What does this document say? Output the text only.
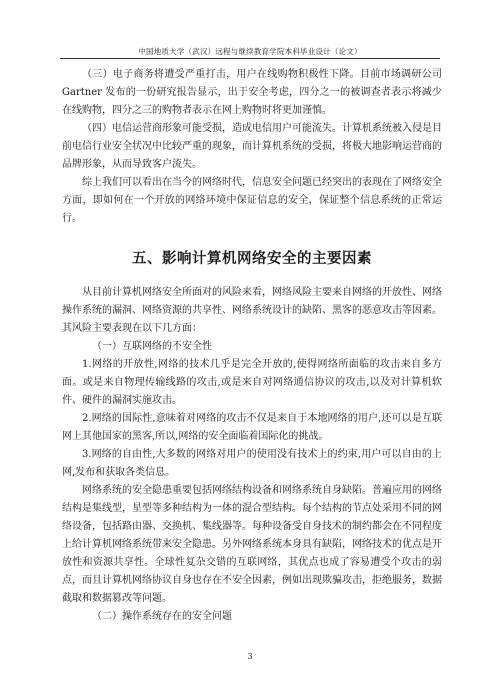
中国地质大学（武汉）远程与继续教育学院本科毕业设计（论文）

（三）电子商务将遭受严重打击，用户在线购物积极性下降。目前市场调研公司 Gartner 发布的一份研究报告显示，出于安全考虑，四分之一的被调查者表示将减少在线购物，四分之三的购物者表示在网上购物时将更加谨慎。

（四）电信运营商形象可能受损，造成电信用户可能流失。计算机系统被入侵是目前电信行业安全状况中比较严重的现象，而计算机系统的受损，将极大地影响运营商的品牌形象，从而导致客户流失。

综上我们可以看出在当今的网络时代，信息安全问题已经突出的表现在了网络安全方面，即如何在一个开放的网络环境中保证信息的安全，保证整个信息系统的正常运行。

五、影响计算机网络安全的主要因素

从目前计算机网络安全所面对的风险来看，网络风险主要来自网络的开放性、网络操作系统的漏洞、网络资源的共享性、网络系统设计的缺陷、黑客的恶意攻击等因素。其风险主要表现在以下几方面：

（一）互联网络的不安全性

1.网络的开放性,网络的技术几乎是完全开放的,使得网络所面临的攻击来自多方面。或是来自物理传输线路的攻击,或是来自对网络通信协议的攻击,以及对计算机软件、硬件的漏洞实施攻击。

2.网络的国际性,意味着对网络的攻击不仅是来自于本地网络的用户,还可以是互联网上其他国家的黑客,所以,网络的安全面临着国际化的挑战。

3.网络的自由性,大多数的网络对用户的使用没有技术上的约束,用户可以自由的上网,发布和获取各类信息。

网络系统的安全隐患重要包括网络结构设备和网络系统自身缺陷。普遍应用的网络结构是集线型，星型等多种结构为一体的混合型结构。每个结构的节点处采用不同的网络设备，包括路由器、交换机、集线器等。每种设备受自身技术的制约都会在不同程度上给计算机网络系统带来安全隐患。另外网络系统本身具有缺陷，网络技术的优点是开放性和资源共享性。全球性复杂交错的互联网络，其优点也成了容易遭受个攻击的弱点，而且计算机网络协议自身也存在不安全因素，例如出现欺骗攻击，拒绝服务，数据截取和数据篡改等问题。

（二）操作系统存在的安全问题

3
